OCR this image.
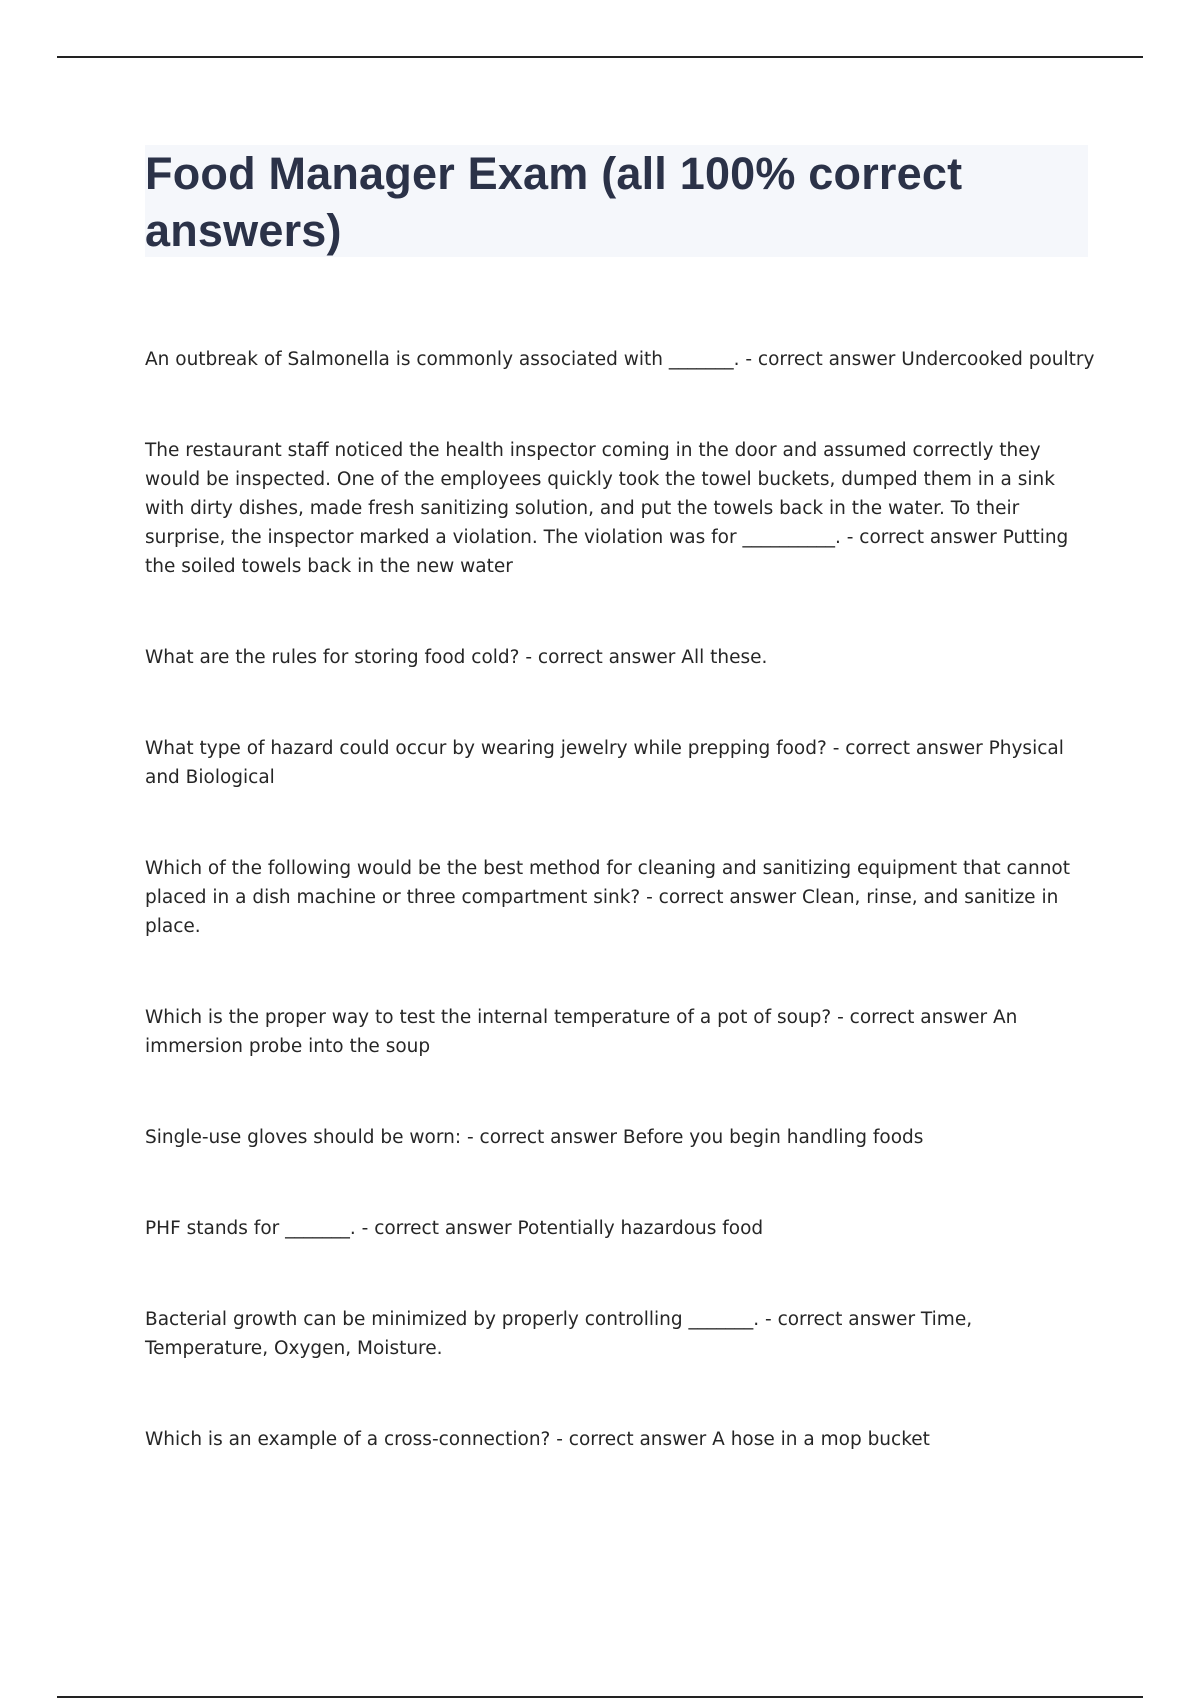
Food Manager Exam (all 100% correct answers)

An outbreak of Salmonella is commonly associated with _______. - correct answer Undercooked poultry

The restaurant staff noticed the health inspector coming in the door and assumed correctly they would be inspected. One of the employees quickly took the towel buckets, dumped them in a sink with dirty dishes, made fresh sanitizing solution, and put the towels back in the water. To their surprise, the inspector marked a violation. The violation was for __________. - correct answer Putting the soiled towels back in the new water

What are the rules for storing food cold? - correct answer All these.

What type of hazard could occur by wearing jewelry while prepping food? - correct answer Physical and Biological

Which of the following would be the best method for cleaning and sanitizing equipment that cannot placed in a dish machine or three compartment sink? - correct answer Clean, rinse, and sanitize in place.

Which is the proper way to test the internal temperature of a pot of soup? - correct answer An immersion probe into the soup

Single-use gloves should be worn: - correct answer Before you begin handling foods

PHF stands for _______. - correct answer Potentially hazardous food

Bacterial growth can be minimized by properly controlling _______. - correct answer Time, Temperature, Oxygen, Moisture.

Which is an example of a cross-connection? - correct answer A hose in a mop bucket
